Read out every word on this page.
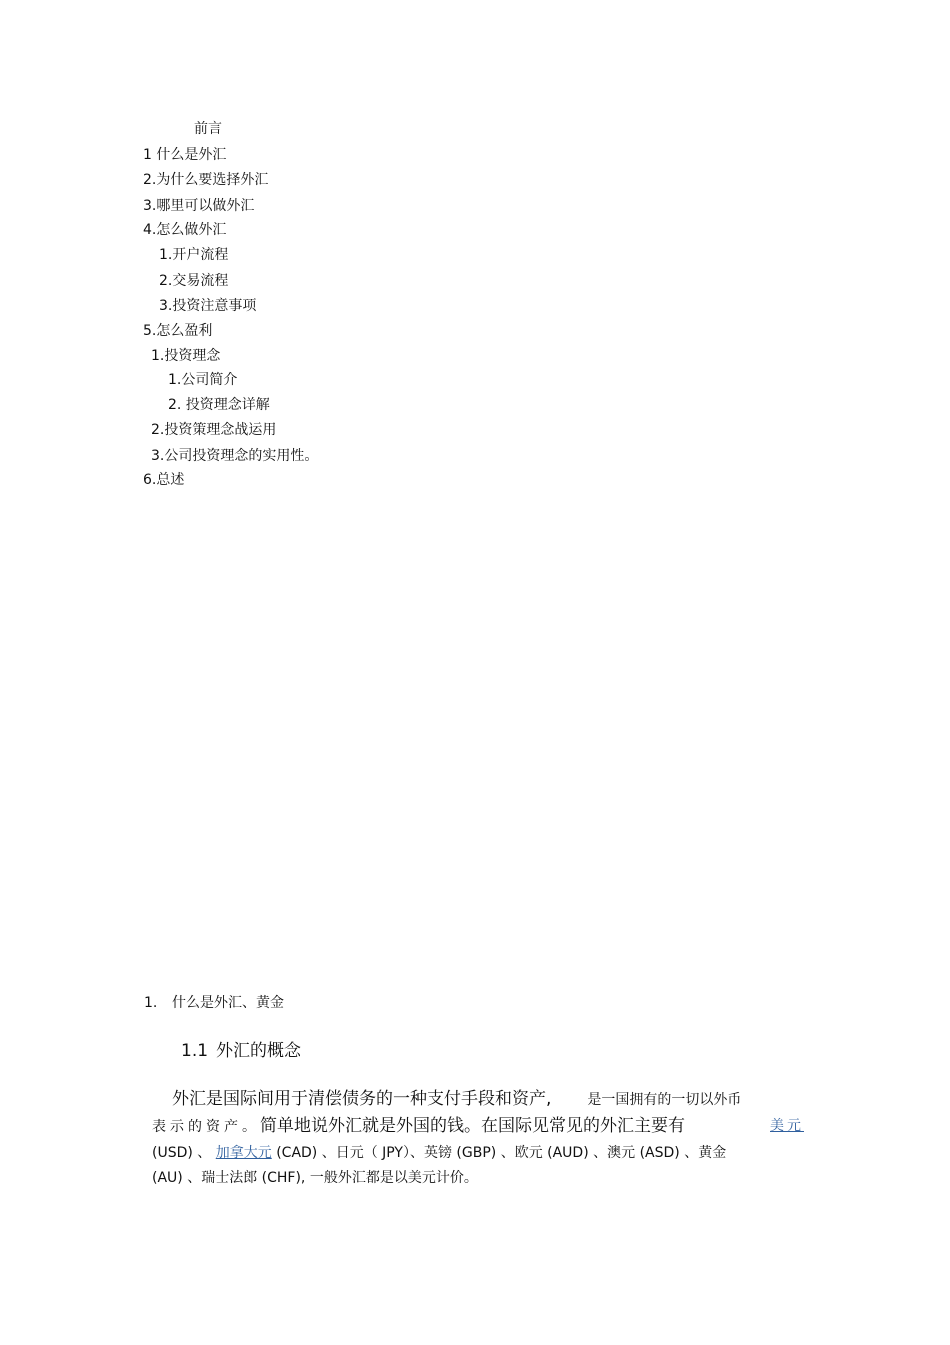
前言
1 什么是外汇
2.为什么要选择外汇
3.哪里可以做外汇
4.怎么做外汇
1.开户流程
2.交易流程
3.投资注意事项
5.怎么盈利
1.投资理念
1.公司简介
2. 投资理念详解
2.投资策理念战运用
3.公司投资理念的实用性。
6.总述
1. 什么是外汇、黄金
1.1 外汇的概念
外汇是国际间用于清偿债务的一种支付手段和资产,	是一国拥有的一切以外币
表示的资产。简单地说外汇就是外国的钱。在国际见常见的外汇主要有	美元
(USD) 、 加拿大元 (CAD) 、日元（ JPY）、英镑 (GBP) 、欧元 (AUD) 、澳元 (ASD) 、黄金
(AU) 、瑞士法郎 (CHF), 一般外汇都是以美元计价。
